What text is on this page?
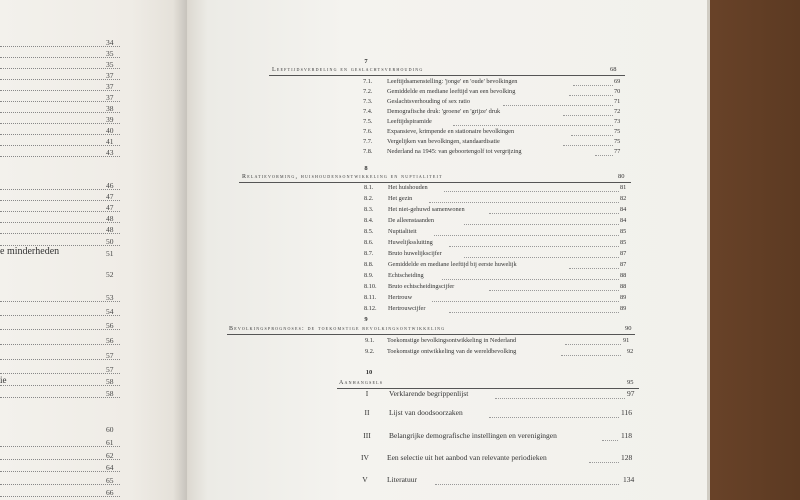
34
35
35
37
37
37
38
39
40
41
43
46
47
47
48
48
50
e minderheden	51
52
53
54
56
56
57
57
ie	58
58
60
61
62
64
65
66
7
Leeftijdsverdeling en geslachtsverhouding	68
7.1. Leeftijdsamenstelling: 'jonge' en 'oude' bevolkingen	69
7.2. Gemiddelde en mediane leeftijd van een bevolking	70
7.3. Geslachtsverhouding of sex ratio	71
7.4. Demografische druk: 'groene' en 'grijze' druk	72
7.5. Leeftijdspiramide	73
7.6. Expansieve, krimpende en stationaire bevolkingen	75
7.7. Vergelijken van bevolkingen, standaardisatie	75
7.8. Nederland na 1945: van geboortengolf tot vergrijzing	77
8
Relatievorming, huishoudensontwikkeling en nuptialiteit	80
8.1. Het huishouden	81
8.2. Het gezin	82
8.3. Het niet-gehuwd samenwonen	84
8.4. De alleenstaanden	84
8.5. Nuptialiteit	85
8.6. Huwelijkssluiting	85
8.7. Bruto huwelijkscijfer	87
8.8. Gemiddelde en mediane leeftijd bij eerste huwelijk	87
8.9. Echtscheiding	88
8.10. Bruto echtscheidingscijfer	88
8.11. Hertrouw	89
8.12. Hertrouwcijfer	89
9
Bevolkingsprognoses: de toekomstige bevolkingsontwikkeling	90
9.1. Toekomstige bevolkingsontwikkeling in Nederland	91
9.2. Toekomstige ontwikkeling van de wereldbevolking	92
10
Aanhangsels	95
I	Verklarende begrippenlijst	97
II	Lijst van doodsoorzaken	116
III	Belangrijke demografische instellingen en verenigingen	118
IV	Een selectie uit het aanbod van relevante periodieken	128
V	Literatuur	134
